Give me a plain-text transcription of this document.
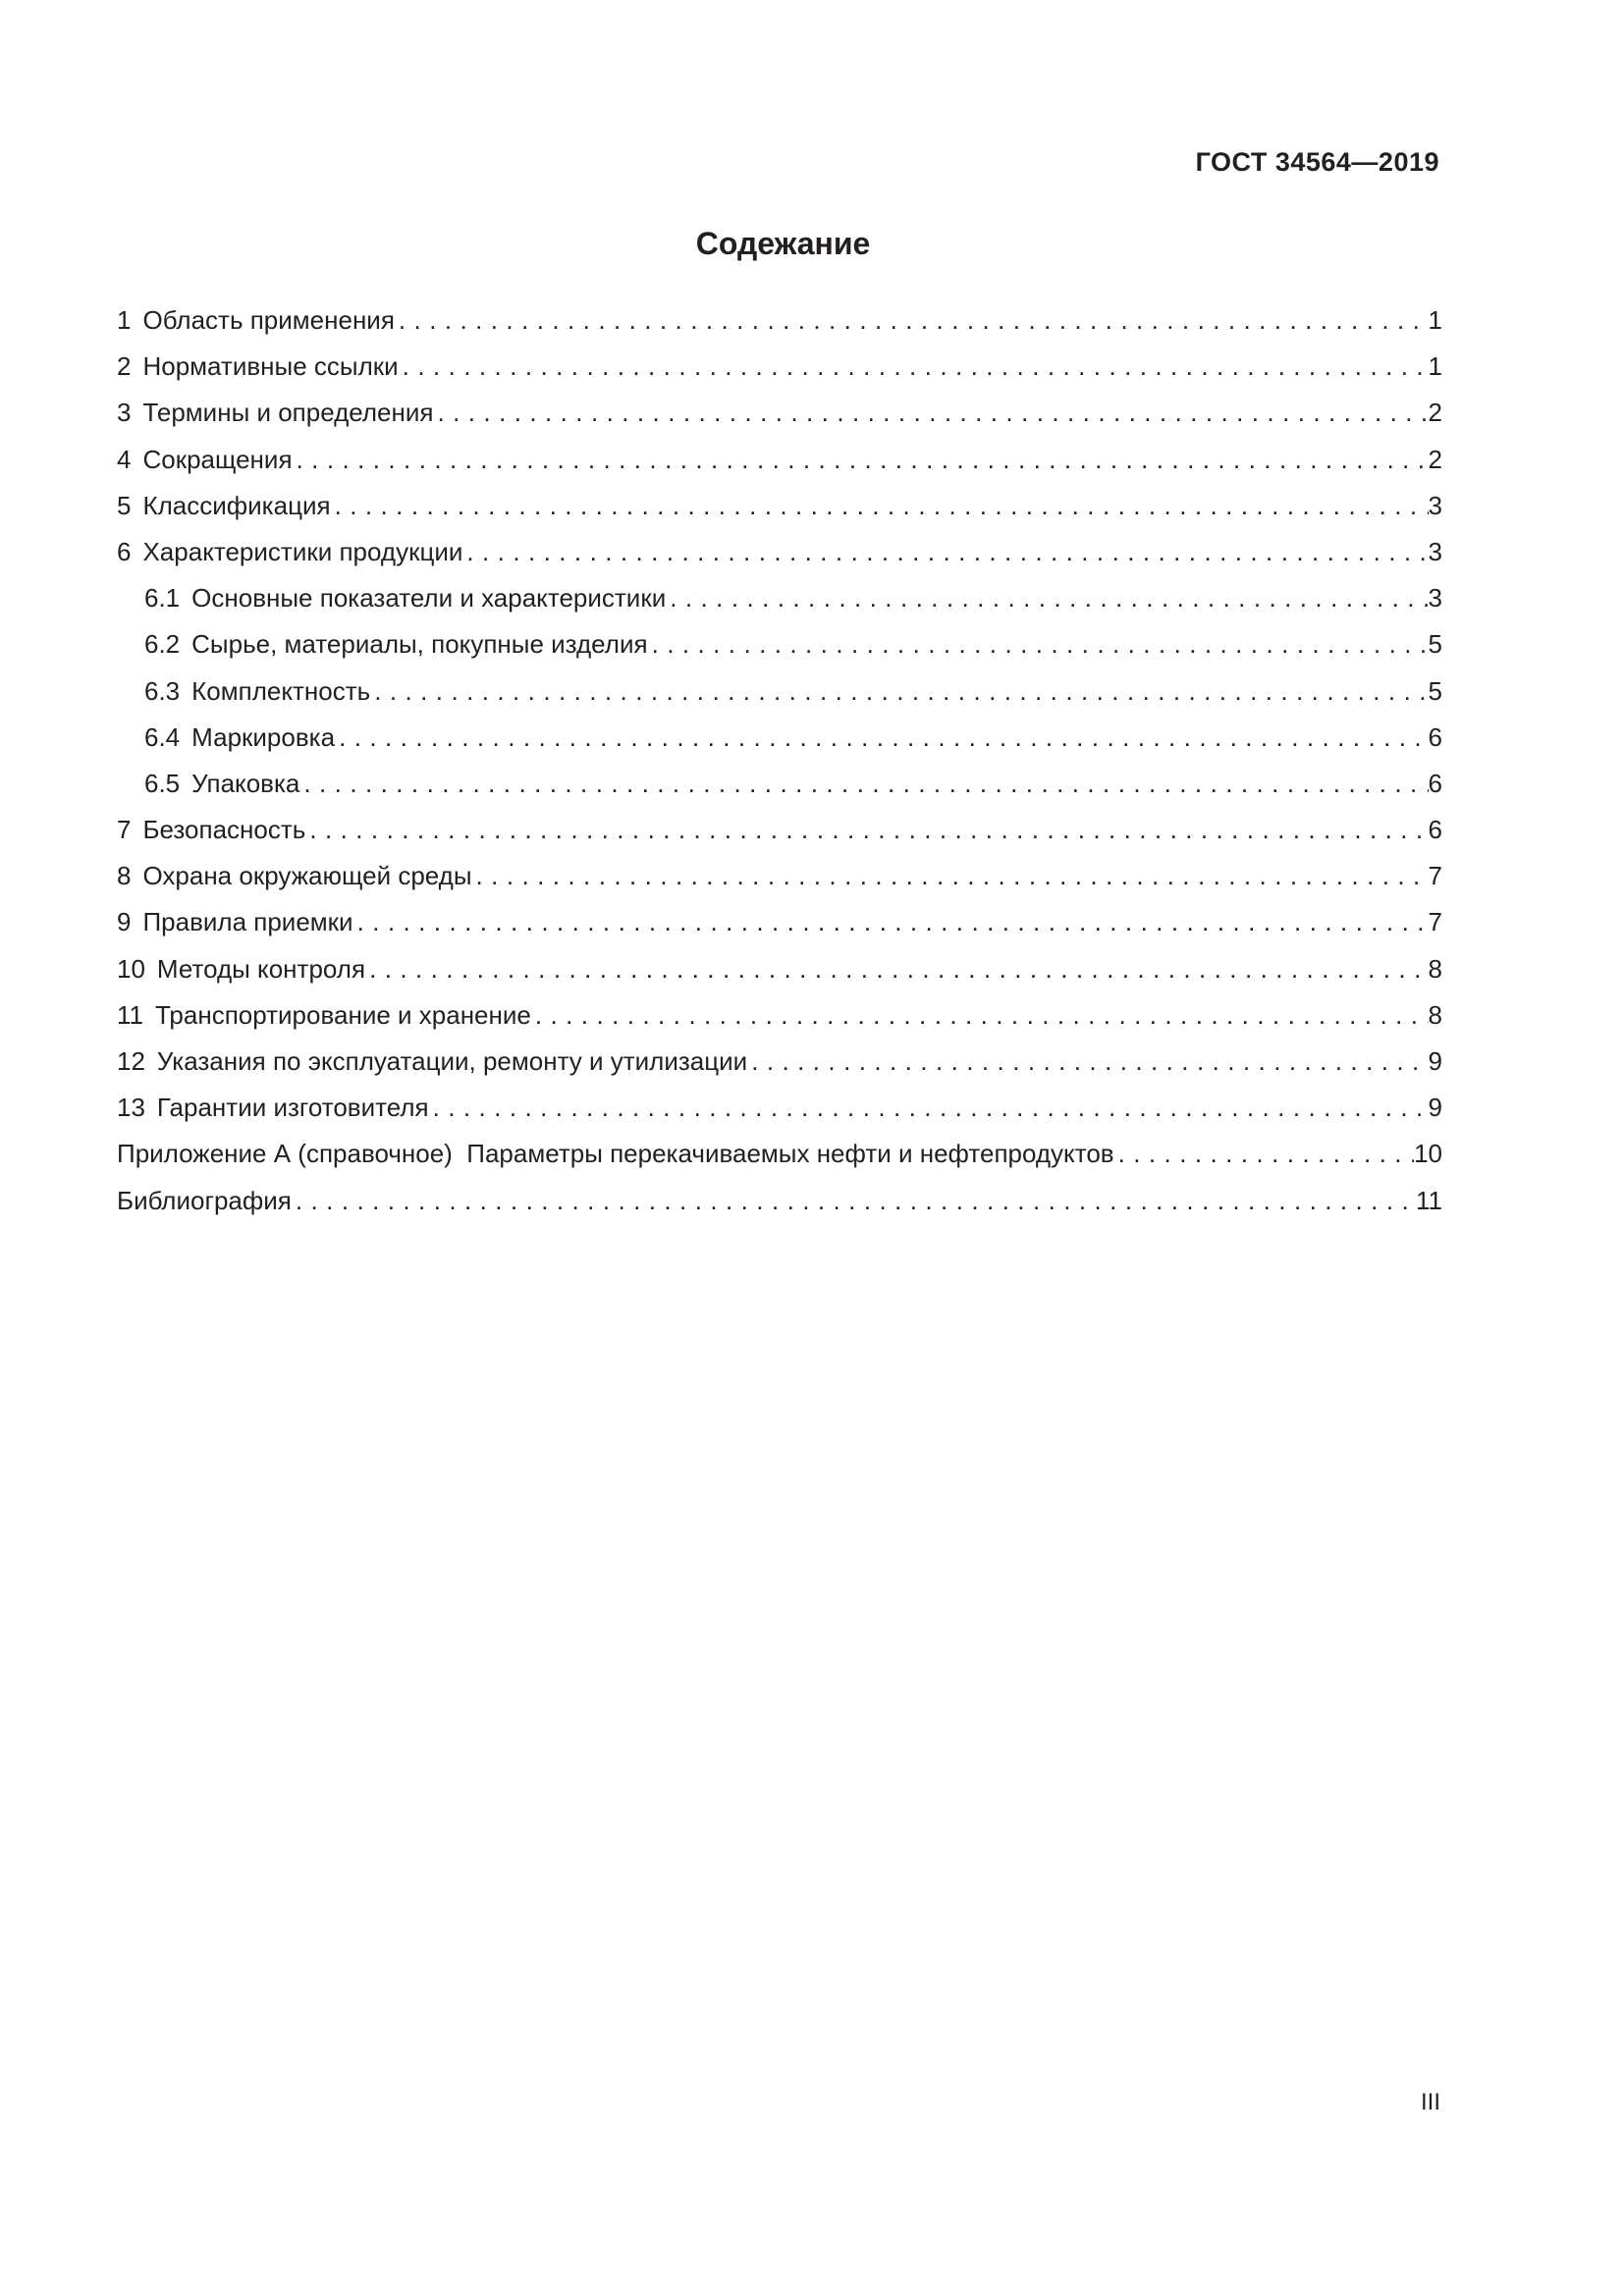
ГОСТ 34564—2019
Содежание
1 Область применения . . .	1
2 Нормативные ссылки . . .	1
3 Термины и определения . . .	2
4 Сокращения . . .	2
5 Классификация . . .	3
6 Характеристики продукции . . .	3
6.1 Основные показатели и характеристики . . .	3
6.2 Сырье, материалы, покупные изделия . . .	5
6.3 Комплектность . . .	5
6.4 Маркировка . . .	6
6.5 Упаковка . . .	6
7 Безопасность . . .	6
8 Охрана окружающей среды . . .	7
9 Правила приемки . . .	7
10 Методы контроля . . .	8
11 Транспортирование и хранение . . .	8
12 Указания по эксплуатации, ремонту и утилизации . . .	9
13 Гарантии изготовителя . . .	9
Приложение А (справочное)  Параметры перекачиваемых нефти и нефтепродуктов . . .	10
Библиография . . .	11
III
